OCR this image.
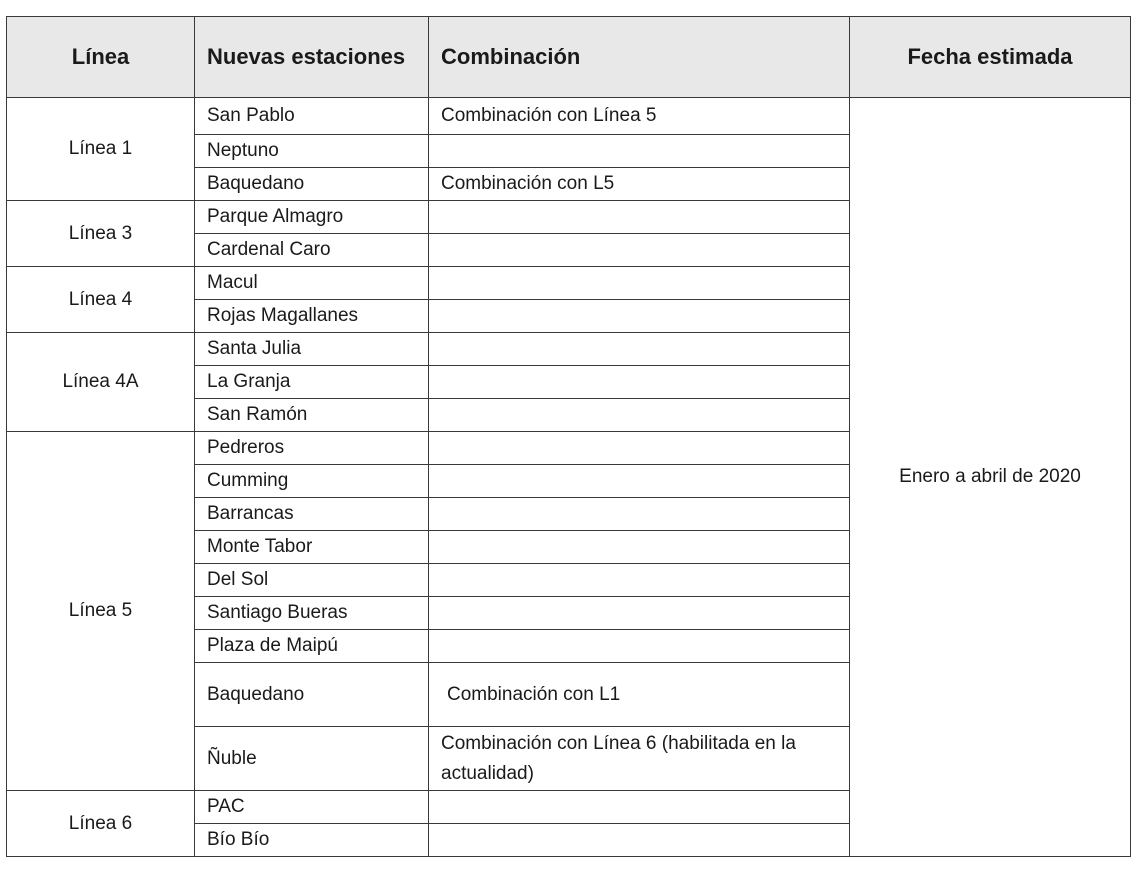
Línea	Nuevas estaciones	Combinación	Fecha estimada
Línea 1	San Pablo	Combinación con Línea 5	Enero a abril de 2020
	Neptuno		
	Baquedano	Combinación con L5	
Línea 3	Parque Almagro		
	Cardenal Caro		
Línea 4	Macul		
	Rojas Magallanes		
Línea 4A	Santa Julia		
	La Granja		
	San Ramón		
Línea 5	Pedreros		
	Cumming		
	Barrancas		
	Monte Tabor		
	Del Sol		
	Santiago Bueras		
	Plaza de Maipú		
	Baquedano	Combinación con L1	
	Ñuble	Combinación con Línea 6 (habilitada en la actualidad)	
Línea 6	PAC		
	Bío Bío		
